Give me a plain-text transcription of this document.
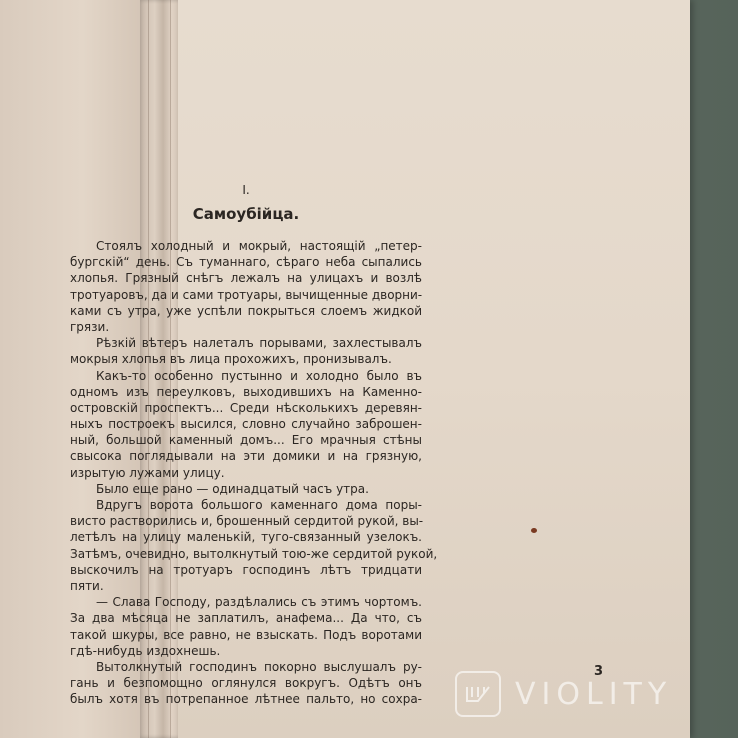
I.
Самоубійца.
Стоялъ холодный и мокрый, настоящій „петер-
бургскій“ день. Съ туманнаго, сѣраго неба сыпались
хлопья. Грязный снѣгъ лежалъ на улицахъ и возлѣ
тротуаровъ, да и сами тротуары, вычищенные дворни-
ками съ утра, уже успѣли покрыться слоемъ жидкой
грязи.
Рѣзкій вѣтеръ налеталъ порывами, захлестывалъ
мокрыя хлопья въ лица прохожихъ, пронизывалъ.
Какъ-то особенно пустынно и холодно было въ
одномъ изъ переулковъ, выходившихъ на Каменно-
островскій проспектъ... Среди нѣсколькихъ деревян-
ныхъ построекъ высился, словно случайно заброшен-
ный, большой каменный домъ... Его мрачныя стѣны
свысока поглядывали на эти домики и на грязную,
изрытую лужами улицу.
Было еще рано — одинадцатый часъ утра.
Вдругъ ворота большого каменнаго дома поры-
висто растворились и, брошенный сердитой рукой, вы-
летѣлъ на улицу маленькій, туго-связанный узелокъ.
Затѣмъ, очевидно, вытолкнутый тою-же сердитой рукой,
выскочилъ на тротуаръ господинъ лѣтъ тридцати
пяти.
— Слава Господу, раздѣлались съ этимъ чортомъ.
За два мѣсяца не заплатилъ, анафема... Да что, съ
такой шкуры, все равно, не взыскать. Подъ воротами
гдѣ-нибудь издохнешь.
Вытолкнутый господинъ покорно выслушалъ ру-
гань и безпомощно оглянулся вокругъ. Одѣтъ онъ
былъ хотя въ потрепанное лѣтнее пальто, но сохра-
3
VIOLITY
